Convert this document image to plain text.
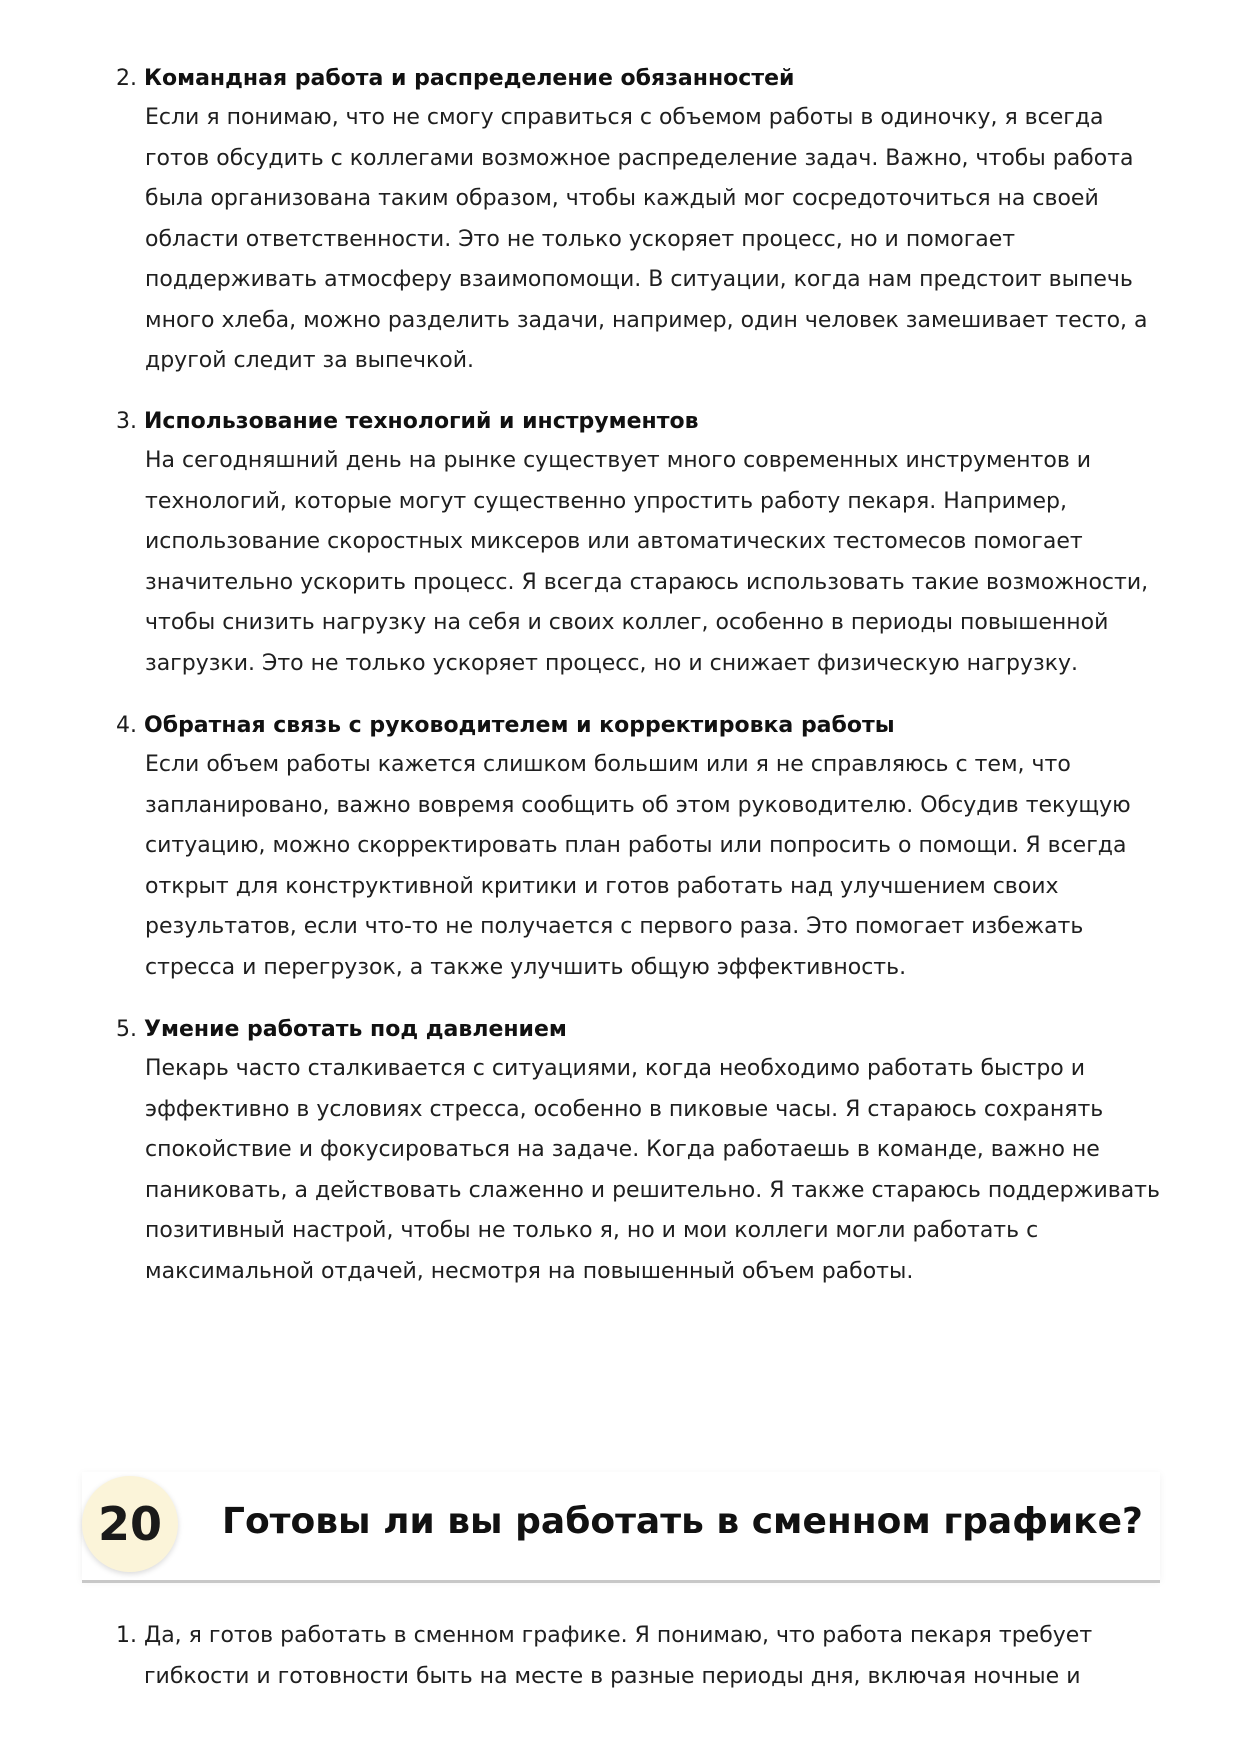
2. Командная работа и распределение обязанностей
Если я понимаю, что не смогу справиться с объемом работы в одиночку, я всегда готов обсудить с коллегами возможное распределение задач. Важно, чтобы работа была организована таким образом, чтобы каждый мог сосредоточиться на своей области ответственности. Это не только ускоряет процесс, но и помогает поддерживать атмосферу взаимопомощи. В ситуации, когда нам предстоит выпечь много хлеба, можно разделить задачи, например, один человек замешивает тесто, а другой следит за выпечкой.
3. Использование технологий и инструментов
На сегодняшний день на рынке существует много современных инструментов и технологий, которые могут существенно упростить работу пекаря. Например, использование скоростных миксеров или автоматических тестомесов помогает значительно ускорить процесс. Я всегда стараюсь использовать такие возможности, чтобы снизить нагрузку на себя и своих коллег, особенно в периоды повышенной загрузки. Это не только ускоряет процесс, но и снижает физическую нагрузку.
4. Обратная связь с руководителем и корректировка работы
Если объем работы кажется слишком большим или я не справляюсь с тем, что запланировано, важно вовремя сообщить об этом руководителю. Обсудив текущую ситуацию, можно скорректировать план работы или попросить о помощи. Я всегда открыт для конструктивной критики и готов работать над улучшением своих результатов, если что-то не получается с первого раза. Это помогает избежать стресса и перегрузок, а также улучшить общую эффективность.
5. Умение работать под давлением
Пекарь часто сталкивается с ситуациями, когда необходимо работать быстро и эффективно в условиях стресса, особенно в пиковые часы. Я стараюсь сохранять спокойствие и фокусироваться на задаче. Когда работаешь в команде, важно не паниковать, а действовать слаженно и решительно. Я также стараюсь поддерживать позитивный настрой, чтобы не только я, но и мои коллеги могли работать с максимальной отдачей, несмотря на повышенный объем работы.
20	Готовы ли вы работать в сменном графике?
1. Да, я готов работать в сменном графике. Я понимаю, что работа пекаря требует гибкости и готовности быть на месте в разные периоды дня, включая ночные и
